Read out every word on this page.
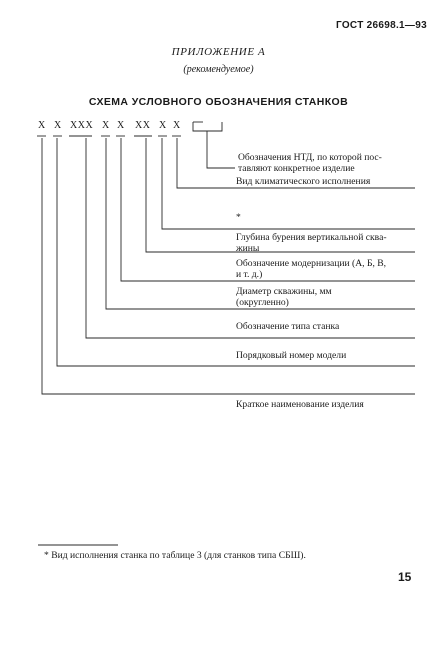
ГОСТ 26698.1—93
ПРИЛОЖЕНИЕ А
(рекомендуемое)
СХЕМА УСЛОВНОГО ОБОЗНАЧЕНИЯ СТАНКОВ
X X XXX X X XX X X
Обозначения НТД, по которой пос-
тавляют конкретное изделие
Вид климатического исполнения
*
Глубина бурения вертикальной сква-
жины
Обозначение модернизации (А, Б, В,
и т. д.)
Диаметр скважины, мм
(округленно)
Обозначение типа станка
Порядковый номер модели
Краткое наименование изделия
* Вид исполнения станка по таблице 3 (для станков типа СБШ).
15
